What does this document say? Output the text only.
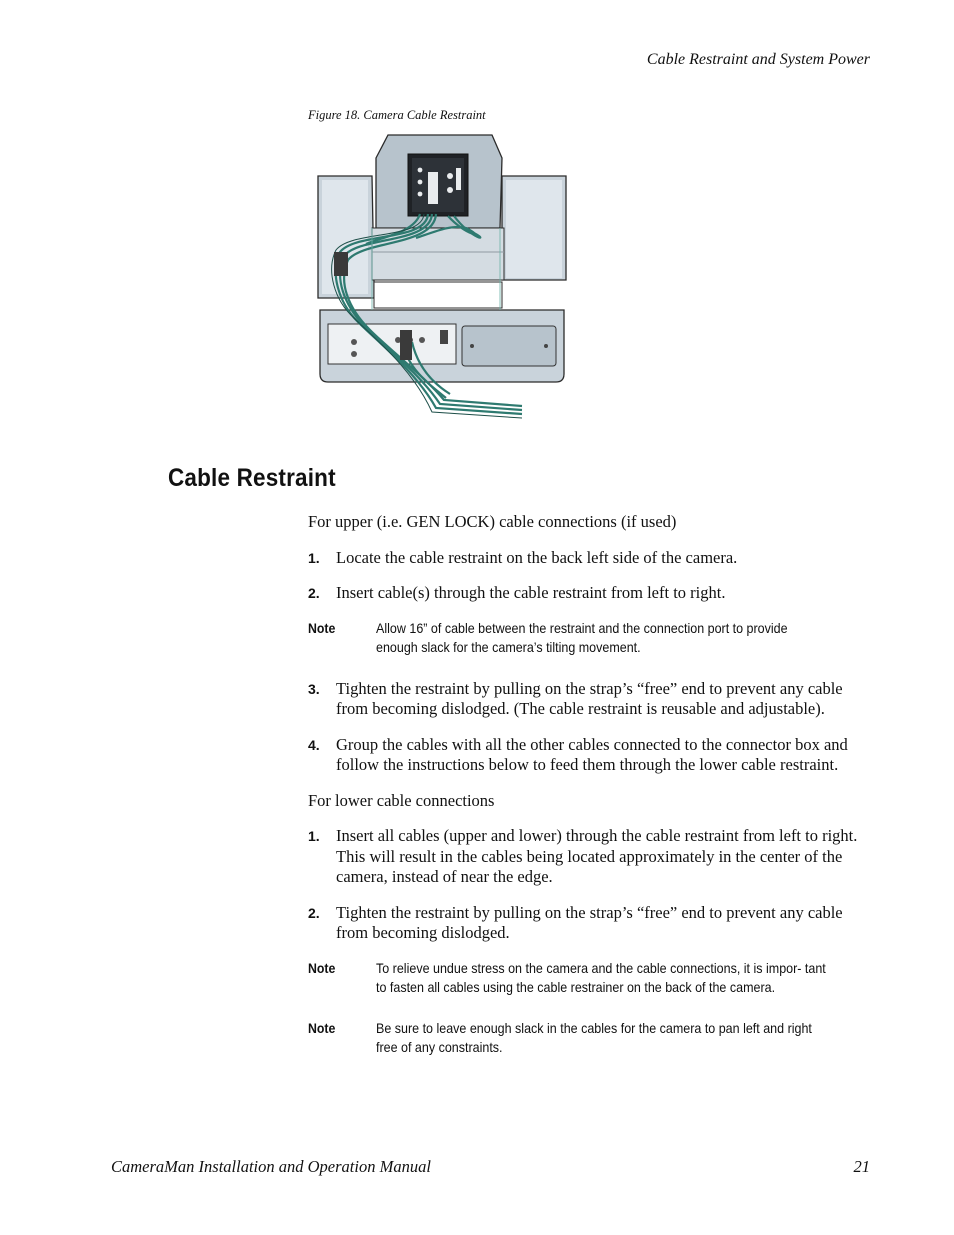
Cable Restraint and System Power
Figure 18. Camera Cable Restraint
Cable Restraint

For upper (i.e. GEN LOCK) cable connections (if used)

1. Locate the cable restraint on the back left side of the camera.
2. Insert cable(s) through the cable restraint from left to right.
Note	Allow 16” of cable between the restraint and the connection port to provide enough slack for the camera’s tilting movement.
3. Tighten the restraint by pulling on the strap’s “free” end to prevent any cable from becoming dislodged. (The cable restraint is reusable and adjustable).
4. Group the cables with all the other cables connected to the connector box and follow the instructions below to feed them through the lower cable restraint.

For lower cable connections

1. Insert all cables (upper and lower) through the cable restraint from left to right. This will result in the cables being located approximately in the center of the camera, instead of near the edge.
2. Tighten the restraint by pulling on the strap’s “free” end to prevent any cable from becoming dislodged.
Note	To relieve undue stress on the camera and the cable connections, it is impor- tant to fasten all cables using the cable restrainer on the back of the camera.
Note	Be sure to leave enough slack in the cables for the camera to pan left and right free of any constraints.
CameraMan Installation and Operation Manual	21
